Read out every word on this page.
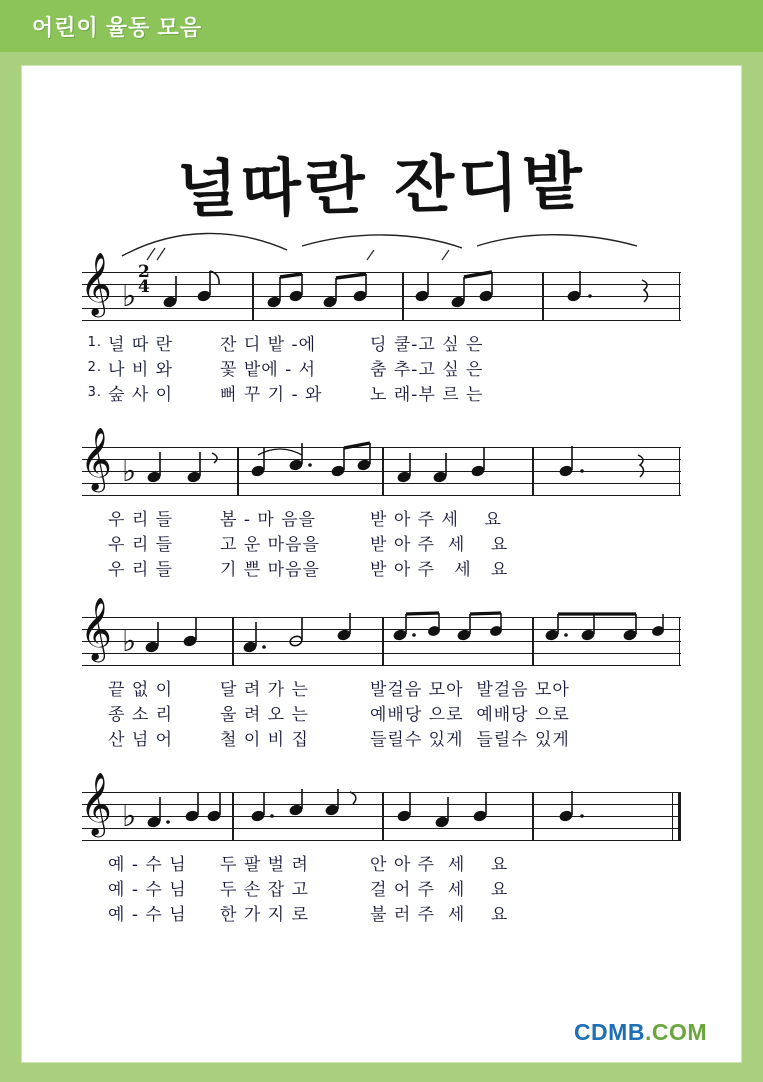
어린이 율동 모음
널따란 잔디밭
𝄞 ♭
2
4
1. 널 따 란	잔 디 밭 -에	딩 쿨-고 싶 은
2. 나 비 와	꽃 밭에 - 서	춤 추-고 싶 은
3. 숲 사 이	뻐 꾸 기 - 와	노 래-부 르 는
𝄞 ♭
우 리 들	봄 - 마 음을	받 아 주 세    요
우 리 들	고 운 마음을	받 아 주  세    요
우 리 들	기 쁜 마음을	받 아 주   세   요
𝄞 ♭
끝 없 이	달 려 가 는	발걸음 모아  발걸음 모아
종 소 리	울 려 오 는	예배당 으로  예배당 으로
산 넘 어	철 이 비 집	들릴수 있게  들릴수 있게
𝄞 ♭
예 - 수 님	두 팔 벌 려	안 아 주  세    요
예 - 수 님	두 손 잡 고	걸 어 주  세    요
예 - 수 님	한 가 지 로	불 러 주  세    요
CDMB.COM
